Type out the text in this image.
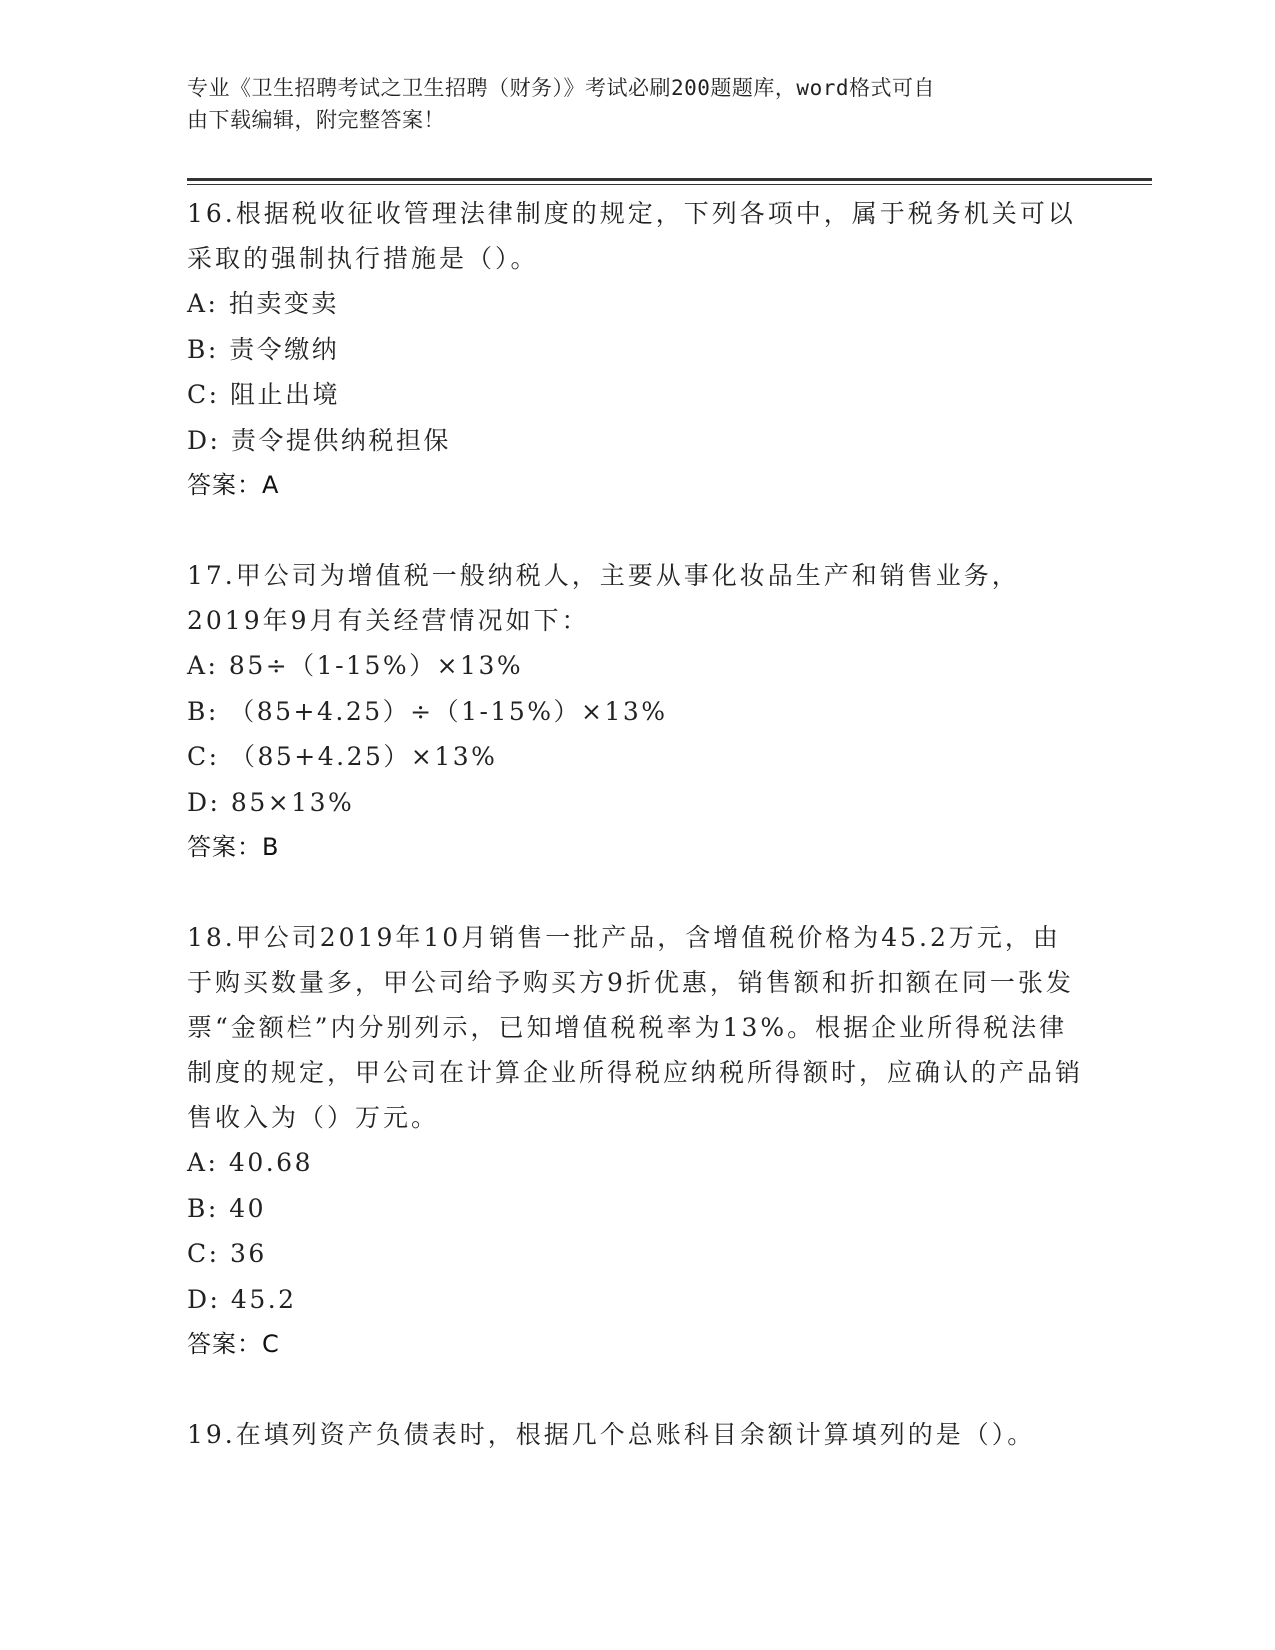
专业《卫生招聘考试之卫生招聘（财务）》考试必刷200题题库，word格式可自
由下载编辑，附完整答案！
16.根据税收征收管理法律制度的规定，下列各项中，属于税务机关可以采取的强制执行措施是（）。
A: 拍卖变卖
B: 责令缴纳
C: 阻止出境
D: 责令提供纳税担保
答案：A
17.甲公司为增值税一般纳税人，主要从事化妆品生产和销售业务，2019年9月有关经营情况如下：
A: 85÷（1-15%）×13%
B: （85+4.25）÷（1-15%）×13%
C: （85+4.25）×13%
D: 85×13%
答案：B
18.甲公司2019年10月销售一批产品，含增值税价格为45.2万元，由于购买数量多，甲公司给予购买方9折优惠，销售额和折扣额在同一张发票“金额栏”内分别列示，已知增值税税率为13%。根据企业所得税法律制度的规定，甲公司在计算企业所得税应纳税所得额时，应确认的产品销售收入为（）万元。
A: 40.68
B: 40
C: 36
D: 45.2
答案：C
19.在填列资产负债表时，根据几个总账科目余额计算填列的是（）。
